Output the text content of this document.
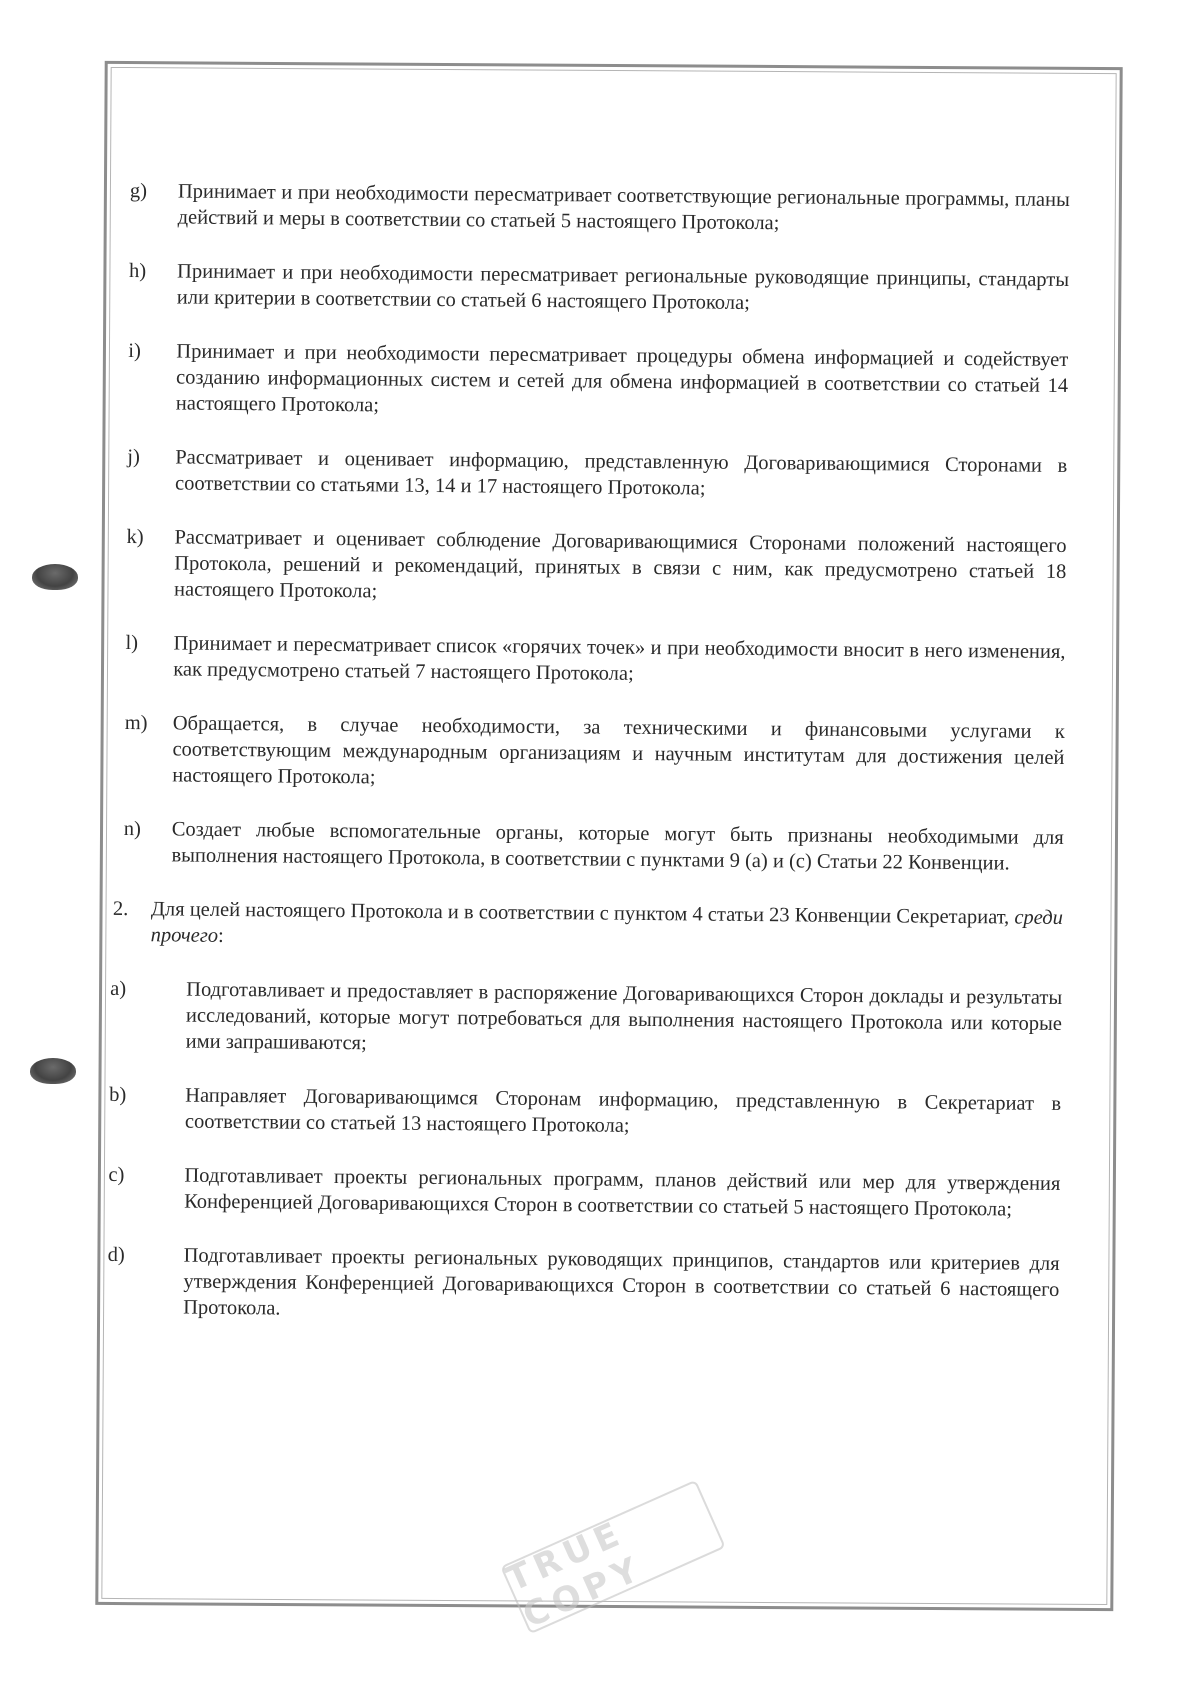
g) Принимает и при необходимости пересматривает соответствующие региональные программы, планы действий и меры в соответствии со статьей 5 настоящего Протокола;
h) Принимает и при необходимости пересматривает региональные руководящие принципы, стандарты или критерии в соответствии со статьей 6 настоящего Протокола;
i) Принимает и при необходимости пересматривает процедуры обмена информацией и содействует созданию информационных систем и сетей для обмена информацией в соответствии со статьей 14 настоящего Протокола;
j) Рассматривает и оценивает информацию, представленную Договаривающимися Сторонами в соответствии со статьями 13, 14 и 17 настоящего Протокола;
k) Рассматривает и оценивает соблюдение Договаривающимися Сторонами положений настоящего Протокола, решений и рекомендаций, принятых в связи с ним, как предусмотрено статьей 18 настоящего Протокола;
l) Принимает и пересматривает список «горячих точек» и при необходимости вносит в него изменения, как предусмотрено статьей 7 настоящего Протокола;
m) Обращается, в случае необходимости, за техническими и финансовыми услугами к соответствующим международным организациям и научным институтам для достижения целей настоящего Протокола;
n) Создает любые вспомогательные органы, которые могут быть признаны необходимыми для выполнения настоящего Протокола, в соответствии с пунктами 9 (a) и (c) Статьи 22 Конвенции.
2. Для целей настоящего Протокола и в соответствии с пунктом 4 статьи 23 Конвенции Секретариат, среди прочего:
a)	Подготавливает и предоставляет в распоряжение Договаривающихся Сторон доклады и результаты исследований, которые могут потребоваться для выполнения настоящего Протокола или которые ими запрашиваются;
b)	Направляет Договаривающимся Сторонам информацию, представленную в Секретариат в соответствии со статьей 13 настоящего Протокола;
c)	Подготавливает проекты региональных программ, планов действий или мер для утверждения Конференцией Договаривающихся Сторон в соответствии со статьей 5 настоящего Протокола;
d)	Подготавливает проекты региональных руководящих принципов, стандартов или критериев для утверждения Конференцией Договаривающихся Сторон в соответствии со статьей 6 настоящего Протокола.
TRUE COPY
